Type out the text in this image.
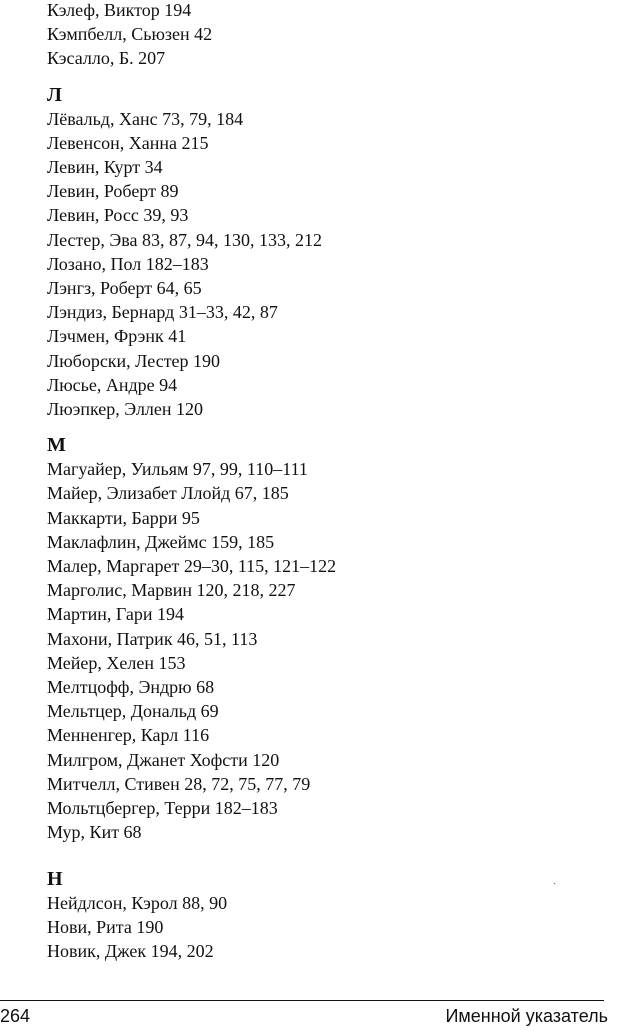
Кэлеф, Виктор 194
Кэмпбелл, Сьюзен 42
Кэсалло, Б. 207
Л
Лёвальд, Ханс 73, 79, 184
Левенсон, Ханна 215
Левин, Курт 34
Левин, Роберт 89
Левин, Росс 39, 93
Лестер, Эва 83, 87, 94, 130, 133, 212
Лозано, Пол 182–183
Лэнгз, Роберт 64, 65
Лэндиз, Бернард 31–33, 42, 87
Лэчмен, Фрэнк 41
Люборски, Лестер 190
Люсье, Андре 94
Люэпкер, Эллен 120
М
Магуайер, Уильям 97, 99, 110–111
Майер, Элизабет Ллойд 67, 185
Маккарти, Барри 95
Маклафлин, Джеймс 159, 185
Малер, Маргарет 29–30, 115, 121–122
Марголис, Марвин 120, 218, 227
Мартин, Гари 194
Махони, Патрик 46, 51, 113
Мейер, Хелен 153
Мелтцофф, Эндрю 68
Мельтцер, Дональд 69
Менненгер, Карл 116
Милгром, Джанет Хофсти 120
Митчелл, Стивен 28, 72, 75, 77, 79
Мольтцбергер, Терри 182–183
Мур, Кит 68
Н
Нейдлсон, Кэрол 88, 90
Нови, Рита 190
Новик, Джек 194, 202
ˏ
264	Именной указатель
